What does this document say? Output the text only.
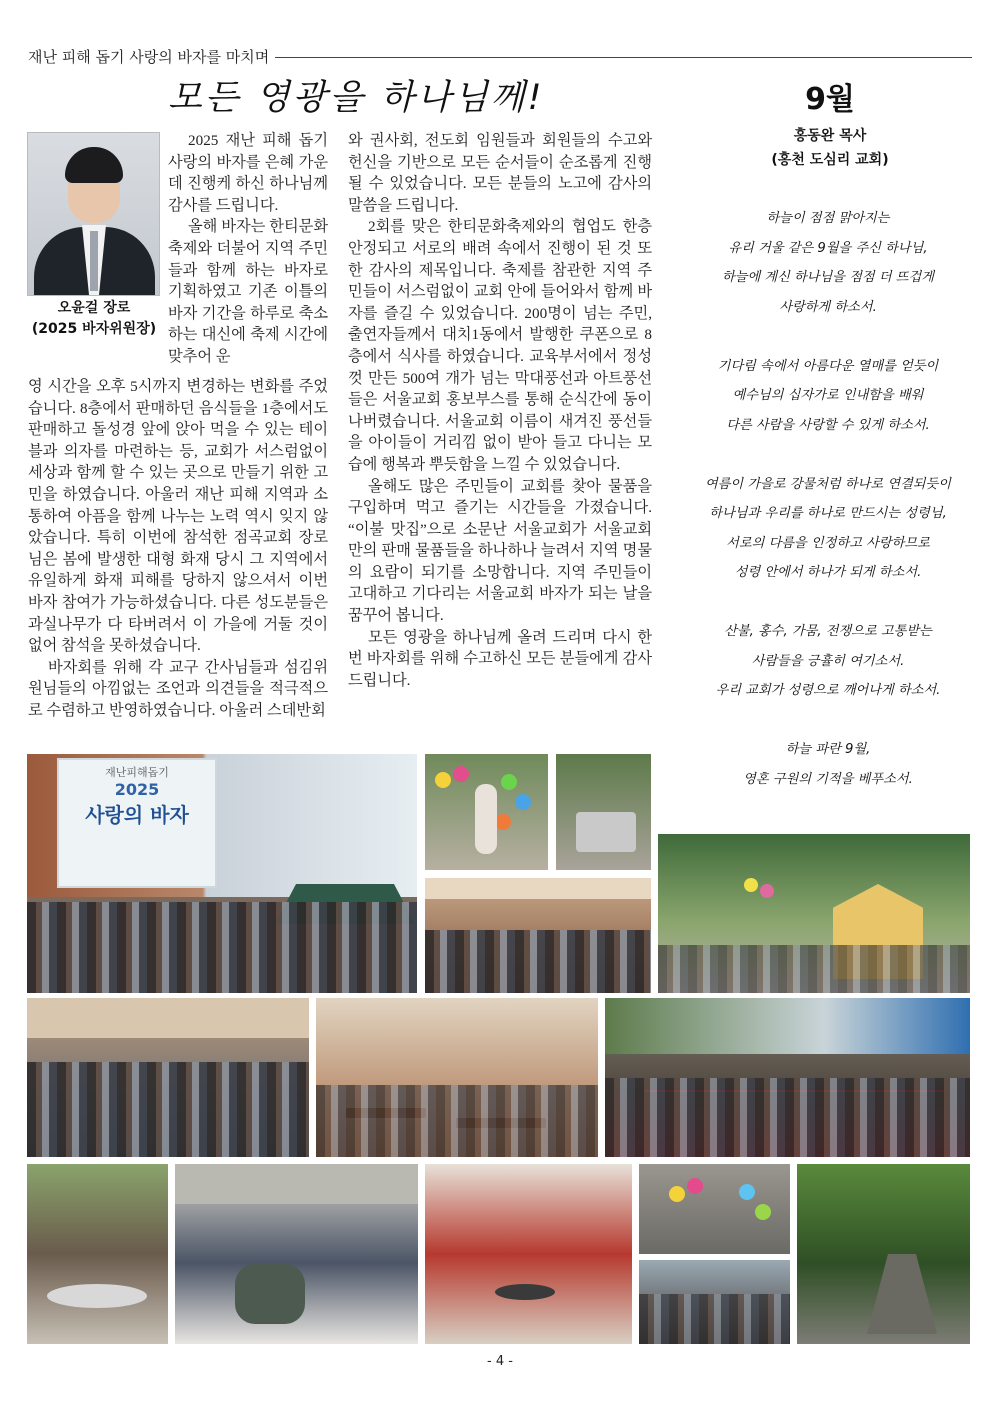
재난 피해 돕기 사랑의 바자를 마치며
모든 영광을 하나님께!
오윤걸 장로
(2025 바자위원장)

2025 재난 피해 돕기 사랑의 바자를 은혜 가운데 진행케 하신 하나님께 감사를 드립니다.

올해 바자는 한티문화축제와 더불어 지역 주민들과 함께 하는 바자로 기획하였고 기존 이틀의 바자 기간을 하루로 축소하는 대신에 축제 시간에 맞추어 운

영 시간을 오후 5시까지 변경하는 변화를 주었습니다. 8층에서 판매하던 음식들을 1층에서도 판매하고 돌성경 앞에 앉아 먹을 수 있는 테이블과 의자를 마련하는 등, 교회가 서스럼없이 세상과 함께 할 수 있는 곳으로 만들기 위한 고민을 하였습니다. 아울러 재난 피해 지역과 소통하여 아픔을 함께 나누는 노력 역시 잊지 않았습니다. 특히 이번에 참석한 점곡교회 장로님은 봄에 발생한 대형 화재 당시 그 지역에서 유일하게 화재 피해를 당하지 않으셔서 이번 바자 참여가 가능하셨습니다. 다른 성도분들은 과실나무가 다 타버려서 이 가을에 거둘 것이 없어 참석을 못하셨습니다.

바자회를 위해 각 교구 간사님들과 섬김위원님들의 아낌없는 조언과 의견들을 적극적으로 수렴하고 반영하였습니다. 아울러 스데반회

와 권사회, 전도회 임원들과 회원들의 수고와 헌신을 기반으로 모든 순서들이 순조롭게 진행 될 수 있었습니다. 모든 분들의 노고에 감사의 말씀을 드립니다.

2회를 맞은 한티문화축제와의 협업도 한층 안정되고 서로의 배려 속에서 진행이 된 것 또한 감사의 제목입니다. 축제를 참관한 지역 주민들이 서스럼없이 교회 안에 들어와서 함께 바자를 즐길 수 있었습니다. 200명이 넘는 주민, 출연자들께서 대치1동에서 발행한 쿠폰으로 8층에서 식사를 하였습니다. 교육부서에서 정성껏 만든 500여 개가 넘는 막대풍선과 아트풍선들은 서울교회 홍보부스를 통해 순식간에 동이 나버렸습니다. 서울교회 이름이 새겨진 풍선들을 아이들이 거리낌 없이 받아 들고 다니는 모습에 행복과 뿌듯함을 느낄 수 있었습니다.

올해도 많은 주민들이 교회를 찾아 물품을 구입하며 먹고 즐기는 시간들을 가졌습니다. “이불 맛집”으로 소문난 서울교회가 서울교회만의 판매 물품들을 하나하나 늘려서 지역 명물의 요람이 되기를 소망합니다. 지역 주민들이 고대하고 기다리는 서울교회 바자가 되는 날을 꿈꾸어 봅니다.

모든 영광을 하나님께 올려 드리며 다시 한 번 바자회를 위해 수고하신 모든 분들에게 감사드립니다.

9월
홍동완 목사
(홍천 도심리 교회)
하늘이 점점 맑아지는
유리 거울 같은 9월을 주신 하나님,
하늘에 계신 하나님을 점점 더 뜨겁게
사랑하게 하소서.
기다림 속에서 아름다운 열매를 얻듯이
예수님의 십자가로 인내함을 배워
다른 사람을 사랑할 수 있게 하소서.
여름이 가을로 강물처럼 하나로 연결되듯이
하나님과 우리를 하나로 만드시는 성령님,
서로의 다름을 인정하고 사랑하므로
성령 안에서 하나가 되게 하소서.
산불, 홍수, 가뭄, 전쟁으로 고통받는
사람들을 긍휼히 여기소서.
우리 교회가 성령으로 깨어나게 하소서.
하늘 파란 9월,
영혼 구원의 기적을 베푸소서.
재난피해돕기
2025
사랑의 바자
- 4 -
